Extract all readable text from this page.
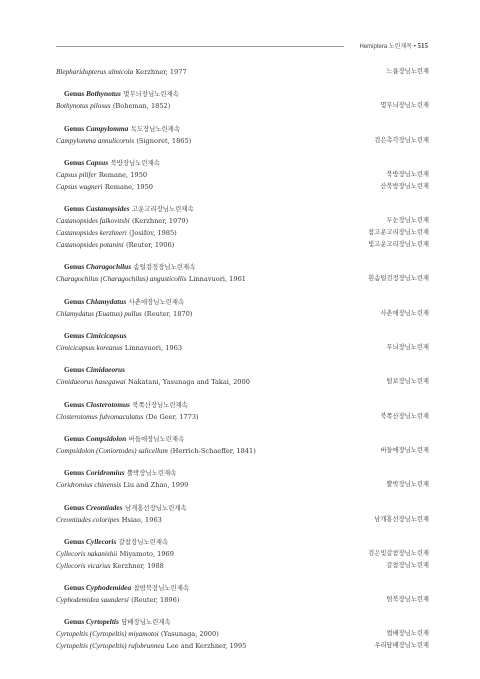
Hemiptera 노린재목 • 515
Blepharidopterus ulmicola Kerzhner, 1977	느릅장님노린재
Genus Bothynotus 몇무늬장님노린재속
Bothynotus pilosus (Boheman, 1852)	몇무늬장님노린재
Genus Campylomma 독도장님노린재속
Campylomma annulicornis (Signoret, 1865)	검은촉각장님노린재
Genus Capsus 북방장님노린재속
Capsus pilifer Remane, 1950	북방장님노린재
Capsus wagneri Remane, 1950	산북방장님노린재
Genus Castanopsides 고운고리장님노린재속
Castanopsides falkovitshi (Kerzhner, 1979)	두눈장님노린재
Castanopsides kerzhneri (Josifov, 1985)	참고운고리장님노린재
Castanopsides potanini (Reuter, 1906)	빛고운고리장님노린재
Genus Charagochilus 솜털검정장님노린재속
Charagochilus (Charagochilus) angusticollis Linnavuori, 1961	흰솜털검정장님노린재
Genus Chlamydatus 사촌애장님노린재속
Chlamydatus (Euattus) pullus (Reuter, 1870)	사촌애장님노린재
Genus Cimicicapsus
Cimicicapsus koreanus Linnavuori, 1963	무늬장님노린재
Genus Cimidaeorus
Cimidaeorus hasegawai Nakatani, Yasunaga and Takai, 2000	털보장님노린재
Genus Closterotomus 북쪽산장님노린재속
Closterotomus fulvomaculatus (De Geer, 1773)	북쪽산장님노린재
Genus Compsidolon 버들애장님노린재속
Compsidolon (Coniortodes) salicellum (Herrich-Schaeffer, 1841)	버들애장님노린재
Genus Coridromius 뿔박장님노린재속
Coridromius chinensis Liu and Zhao, 1999	뿔박장님노린재
Genus Creontiades 남개홍선장님노린재속
Creontiades coloripes Hsiao, 1963	남개홍선장님노린재
Genus Cyllecoris 갈참장님노린재속
Cyllecoris nakanishii Miyamoto, 1969	검은빛갈참장님노린재
Cyllecoris vicarius Kerzhner, 1988	갈참장님노린재
Genus Cyphodemidea 참밤북장님노린재속
Cyphodemidea saundersi (Reuter, 1896)	엄북장님노린재
Genus Cyrtopeltis 담배장님노린재속
Cyrtopeltis (Cyrtopeltis) miyamotoi (Yasunaga, 2000)	썹배장님노린재
Cyrtopeltis (Cyrtopeltis) rufobrunnea Lee and Kerzhner, 1995	우리담배장님노린재
